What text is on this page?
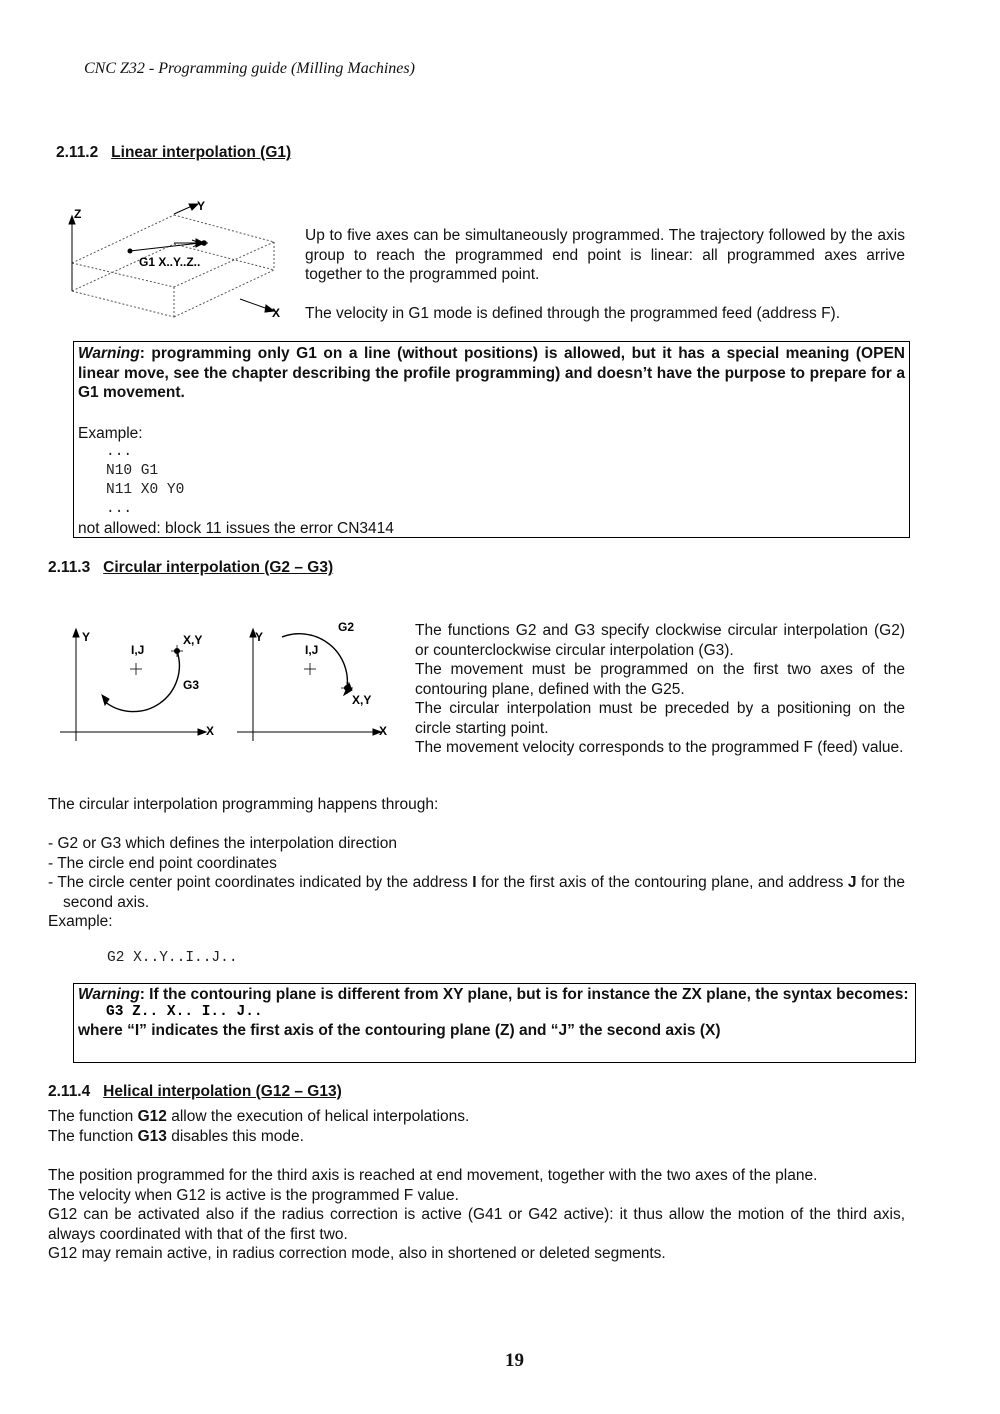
CNC Z32 - Programming guide (Milling Machines)
2.11.2 Linear interpolation (G1)
Z
Y
X
G1 X..Y..Z..
Up to five axes can be simultaneously programmed. The trajectory followed by the axis group to reach the programmed end point is linear: all programmed axes arrive together to the programmed point.
The velocity in G1 mode is defined through the programmed feed (address F).
Warning: programming only G1 on a line (without positions) is allowed, but it has a special meaning (OPEN linear move, see the chapter describing the profile programming) and doesn’t have the purpose to prepare for a G1 movement.
Example:
...
N10 G1
N11 X0 Y0
...
not allowed: block 11 issues the error CN3414
2.11.3 Circular interpolation (G2 – G3)
Y
I,J
X,Y
G3
X
Y
I,J
X,Y
G2
X
The functions G2 and G3 specify clockwise circular interpolation (G2) or counterclockwise circular interpolation (G3).
The movement must be programmed on the first two axes of the contouring plane, defined with the G25.
The circular interpolation must be preceded by a positioning on the circle starting point.
The movement velocity corresponds to the programmed F (feed) value.
The circular interpolation programming happens through:
- G2 or G3 which defines the interpolation direction
- The circle end point coordinates
- The circle center point coordinates indicated by the address I for the first axis of the contouring plane, and address J for the second axis.
Example:
G2 X..Y..I..J..
Warning: If the contouring plane is different from XY plane, but is for instance the ZX plane, the syntax becomes:
G3 Z.. X.. I.. J..
where “I” indicates the first axis of the contouring plane (Z) and “J” the second axis (X)
2.11.4 Helical interpolation (G12 – G13)
The function G12 allow the execution of helical interpolations.
The function G13 disables this mode.
The position programmed for the third axis is reached at end movement, together with the two axes of the plane.
The velocity when G12 is active is the programmed F value.
G12 can be activated also if the radius correction is active (G41 or G42 active): it thus allow the motion of the third axis, always coordinated with that of the first two.
G12 may remain active, in radius correction mode, also in shortened or deleted segments.
19
